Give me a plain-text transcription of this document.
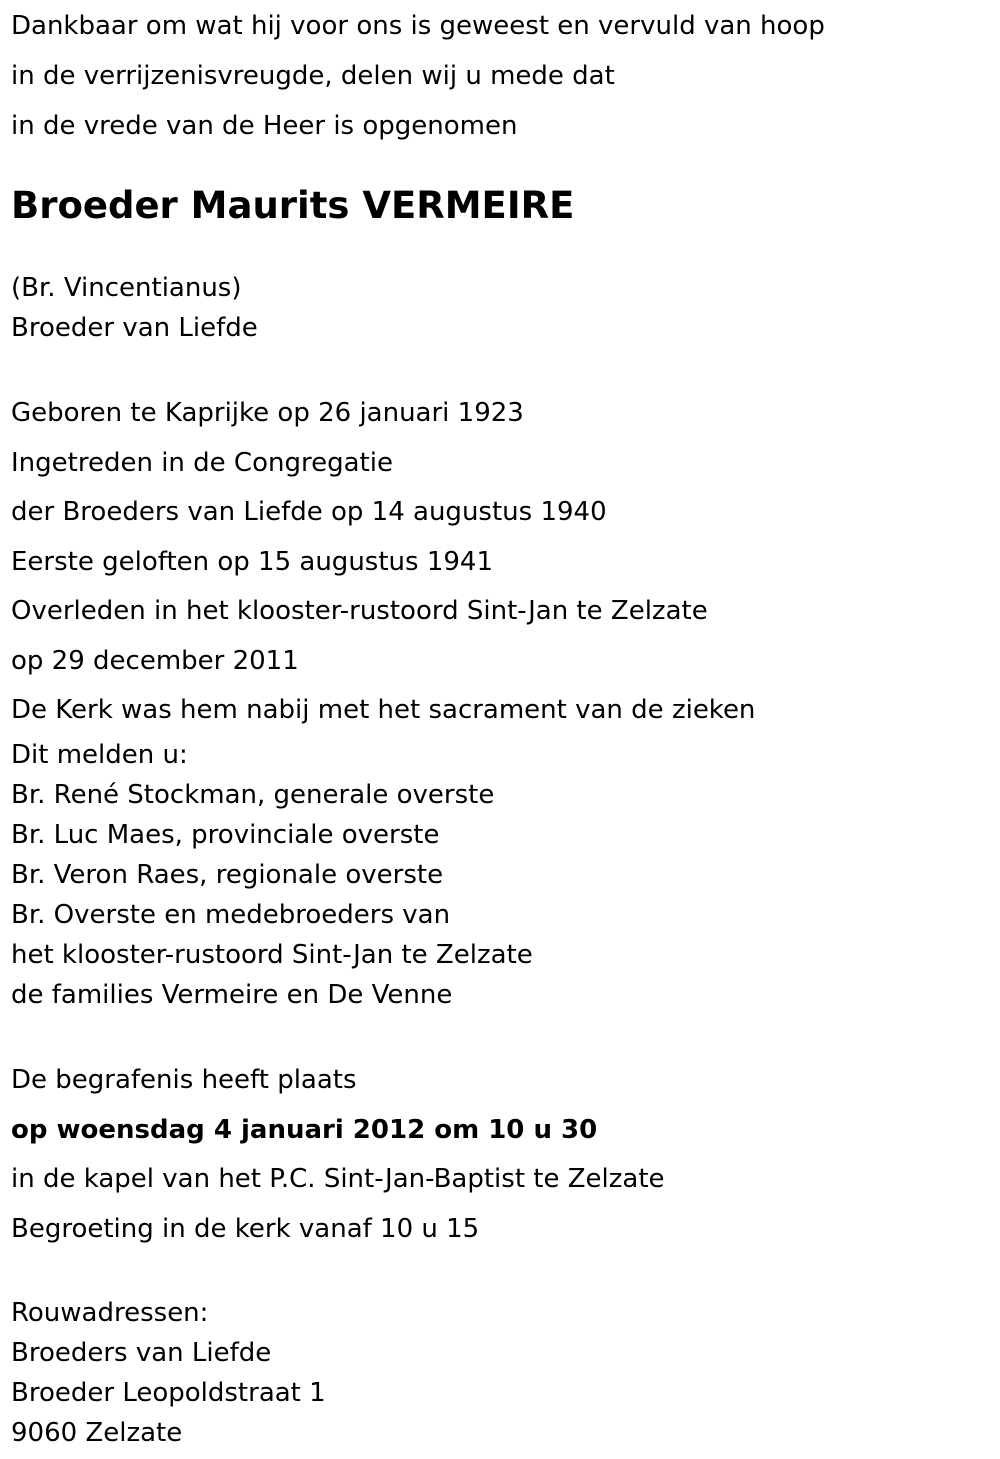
Dankbaar om wat hij voor ons is geweest en vervuld van hoop
in de verrijzenisvreugde, delen wij u mede dat
in de vrede van de Heer is opgenomen
Broeder Maurits VERMEIRE
(Br. Vincentianus)
Broeder van Liefde
Geboren te Kaprijke op 26 januari 1923
Ingetreden in de Congregatie
der Broeders van Liefde op 14 augustus 1940
Eerste geloften op 15 augustus 1941
Overleden in het klooster-rustoord Sint-Jan te Zelzate
op 29 december 2011
De Kerk was hem nabij met het sacrament van de zieken
Dit melden u:
Br. René Stockman, generale overste
Br. Luc Maes, provinciale overste
Br. Veron Raes, regionale overste
Br. Overste en medebroeders van
het klooster-rustoord Sint-Jan te Zelzate
de families Vermeire en De Venne
De begrafenis heeft plaats
op woensdag 4 januari 2012 om 10 u 30
in de kapel van het P.C. Sint-Jan-Baptist te Zelzate
Begroeting in de kerk vanaf 10 u 15
Rouwadressen:
Broeders van Liefde
Broeder Leopoldstraat 1
9060 Zelzate
